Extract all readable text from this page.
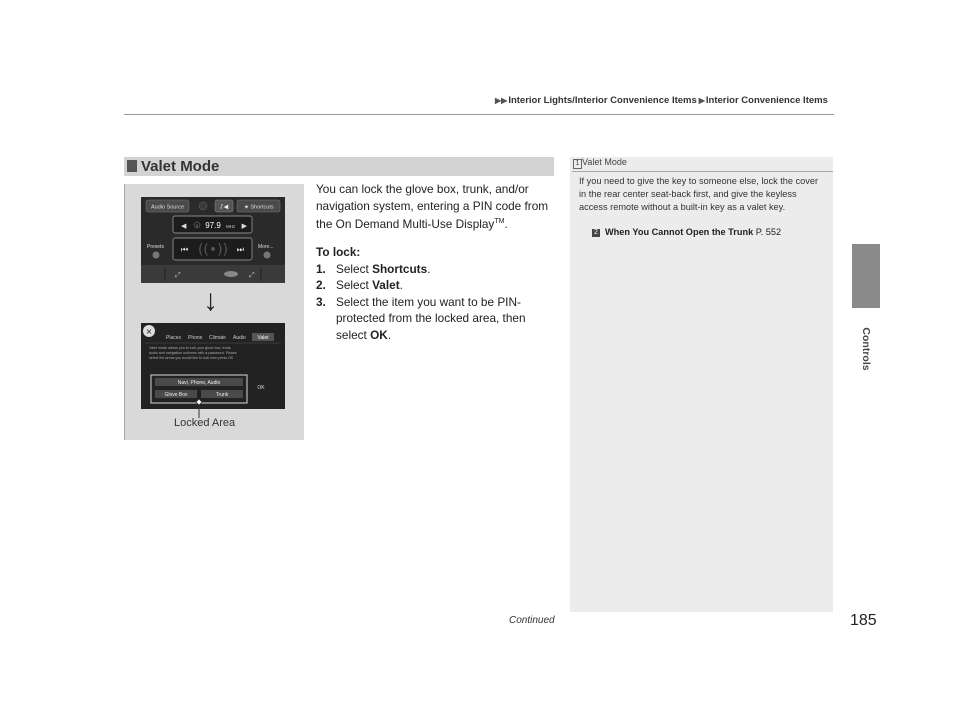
▶▶Interior Lights/Interior Convenience Items ▶Interior Convenience Items
Controls
Valet Mode
Audio Source	♪◀	★ Shortcuts
◀	▶
1 97.9 MHz
⏮	⏭
((•))
Presets	More...
⤢	⤢
↓
×
Places Phone Climate Audio Valet
Valet mode allows you to lock your glove box, trunk, audio and navigation uniforms with a password. Please select the areas you would like to lock then press OK
Navi, Phone, Audio
Glove Box	Trunk
OK
Locked Area

You can lock the glove box, trunk, and/or navigation system, entering a PIN code from the On Demand Multi-Use Display™.

To lock:

1. Select Shortcuts.
2. Select Valet.
3. Select the item you want to be PIN-protected from the locked area, then select OK.
1 Valet Mode
If you need to give the key to someone else, lock the cover in the rear center seat-back first, and give the keyless access remote without a built-in key as a valet key.
2 When You Cannot Open the Trunk P. 552
Continued	185
